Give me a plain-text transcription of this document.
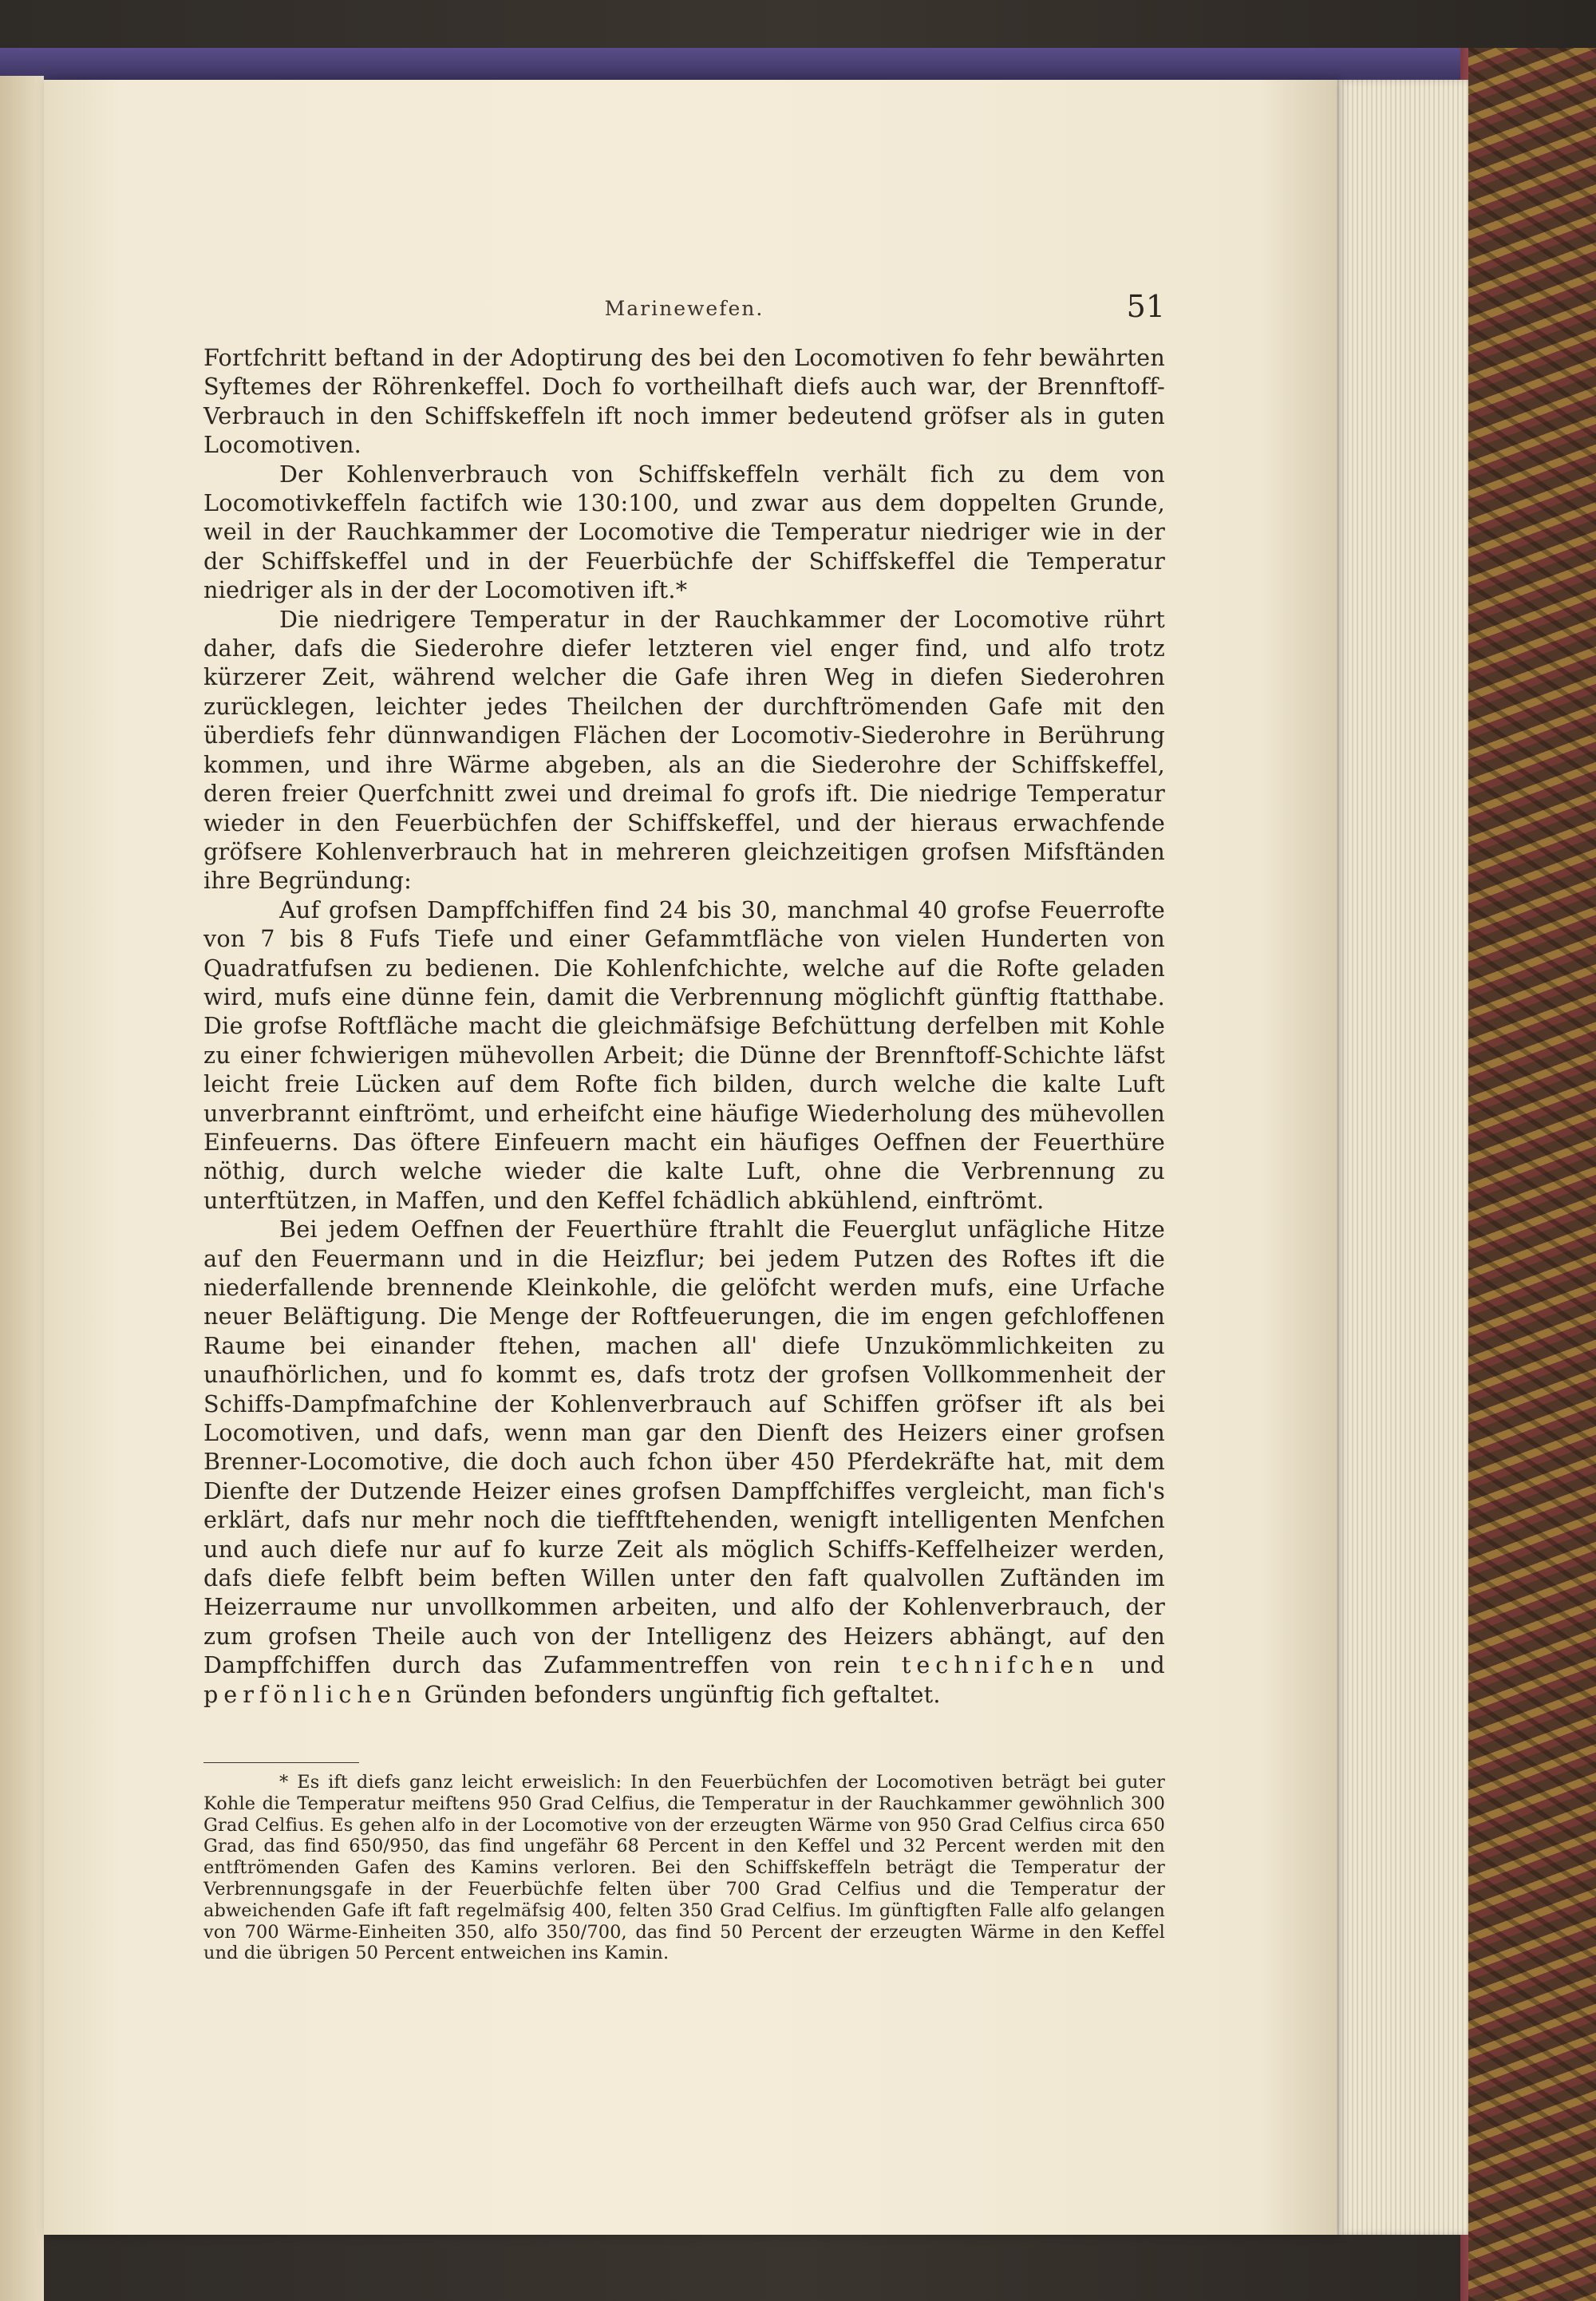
Marinewefen.	51

Fortfchritt beftand in der Adoptirung des bei den Locomotiven fo fehr bewährten Syftemes der Röhrenkeffel. Doch fo vortheilhaft diefs auch war, der Brennftoff-Verbrauch in den Schiffskeffeln ift noch immer bedeutend gröfser als in guten Locomotiven.

Der Kohlenverbrauch von Schiffskeffeln verhält fich zu dem von Locomotivkeffeln factifch wie 130:100, und zwar aus dem doppelten Grunde, weil in der Rauchkammer der Locomotive die Temperatur niedriger wie in der der Schiffskeffel und in der Feuerbüchfe der Schiffskeffel die Temperatur niedriger als in der der Locomotiven ift.*

Die niedrigere Temperatur in der Rauchkammer der Locomotive rührt daher, dafs die Siederohre diefer letzteren viel enger find, und alfo trotz kürzerer Zeit, während welcher die Gafe ihren Weg in diefen Siederohren zurücklegen, leichter jedes Theilchen der durchftrömenden Gafe mit den überdiefs fehr dünnwandigen Flächen der Locomotiv-Siederohre in Berührung kommen, und ihre Wärme abgeben, als an die Siederohre der Schiffskeffel, deren freier Querfchnitt zwei und dreimal fo grofs ift. Die niedrige Temperatur wieder in den Feuerbüchfen der Schiffskeffel, und der hieraus erwachfende gröfsere Kohlenverbrauch hat in mehreren gleichzeitigen grofsen Mifsftänden ihre Begründung:

Auf grofsen Dampffchiffen find 24 bis 30, manchmal 40 grofse Feuerrofte von 7 bis 8 Fufs Tiefe und einer Gefammtfläche von vielen Hunderten von Quadratfufsen zu bedienen. Die Kohlenfchichte, welche auf die Rofte geladen wird, mufs eine dünne fein, damit die Verbrennung möglichft günftig ftatthabe. Die grofse Roftfläche macht die gleichmäfsige Befchüttung derfelben mit Kohle zu einer fchwierigen mühevollen Arbeit; die Dünne der Brennftoff-Schichte läfst leicht freie Lücken auf dem Rofte fich bilden, durch welche die kalte Luft unverbrannt einftrömt, und erheifcht eine häufige Wiederholung des mühevollen Einfeuerns. Das öftere Einfeuern macht ein häufiges Oeffnen der Feuerthüre nöthig, durch welche wieder die kalte Luft, ohne die Verbrennung zu unterftützen, in Maffen, und den Keffel fchädlich abkühlend, einftrömt.

Bei jedem Oeffnen der Feuerthüre ftrahlt die Feuerglut unfägliche Hitze auf den Feuermann und in die Heizflur; bei jedem Putzen des Roftes ift die niederfallende brennende Kleinkohle, die gelöfcht werden mufs, eine Urfache neuer Beläftigung. Die Menge der Roftfeuerungen, die im engen gefchloffenen Raume bei einander ftehen, machen all' diefe Unzukömmlichkeiten zu unaufhörlichen, und fo kommt es, dafs trotz der grofsen Vollkommenheit der Schiffs-Dampfmafchine der Kohlenverbrauch auf Schiffen gröfser ift als bei Locomotiven, und dafs, wenn man gar den Dienft des Heizers einer grofsen Brenner-Locomotive, die doch auch fchon über 450 Pferdekräfte hat, mit dem Dienfte der Dutzende Heizer eines grofsen Dampffchiffes vergleicht, man fich's erklärt, dafs nur mehr noch die tiefftftehenden, wenigft intelligenten Menfchen und auch diefe nur auf fo kurze Zeit als möglich Schiffs-Keffelheizer werden, dafs diefe felbft beim beften Willen unter den faft qualvollen Zuftänden im Heizerraume nur unvollkommen arbeiten, und alfo der Kohlenverbrauch, der zum grofsen Theile auch von der Intelligenz des Heizers abhängt, auf den Dampffchiffen durch das Zufammentreffen von rein technifchen und perfönlichen Gründen befonders ungünftig fich geftaltet.

* Es ift diefs ganz leicht erweislich: In den Feuerbüchfen der Locomotiven beträgt bei guter Kohle die Temperatur meiftens 950 Grad Celfius, die Temperatur in der Rauchkammer gewöhnlich 300 Grad Celfius. Es gehen alfo in der Locomotive von der erzeugten Wärme von 950 Grad Celfius circa 650 Grad, das find 650/950, das find ungefähr 68 Percent in den Keffel und 32 Percent werden mit den entftrömenden Gafen des Kamins verloren. Bei den Schiffskeffeln beträgt die Temperatur der Verbrennungsgafe in der Feuerbüchfe felten über 700 Grad Celfius und die Temperatur der abweichenden Gafe ift faft regelmäfsig 400, felten 350 Grad Celfius. Im günftigften Falle alfo gelangen von 700 Wärme-Einheiten 350, alfo 350/700, das find 50 Percent der erzeugten Wärme in den Keffel und die übrigen 50 Percent entweichen ins Kamin.
